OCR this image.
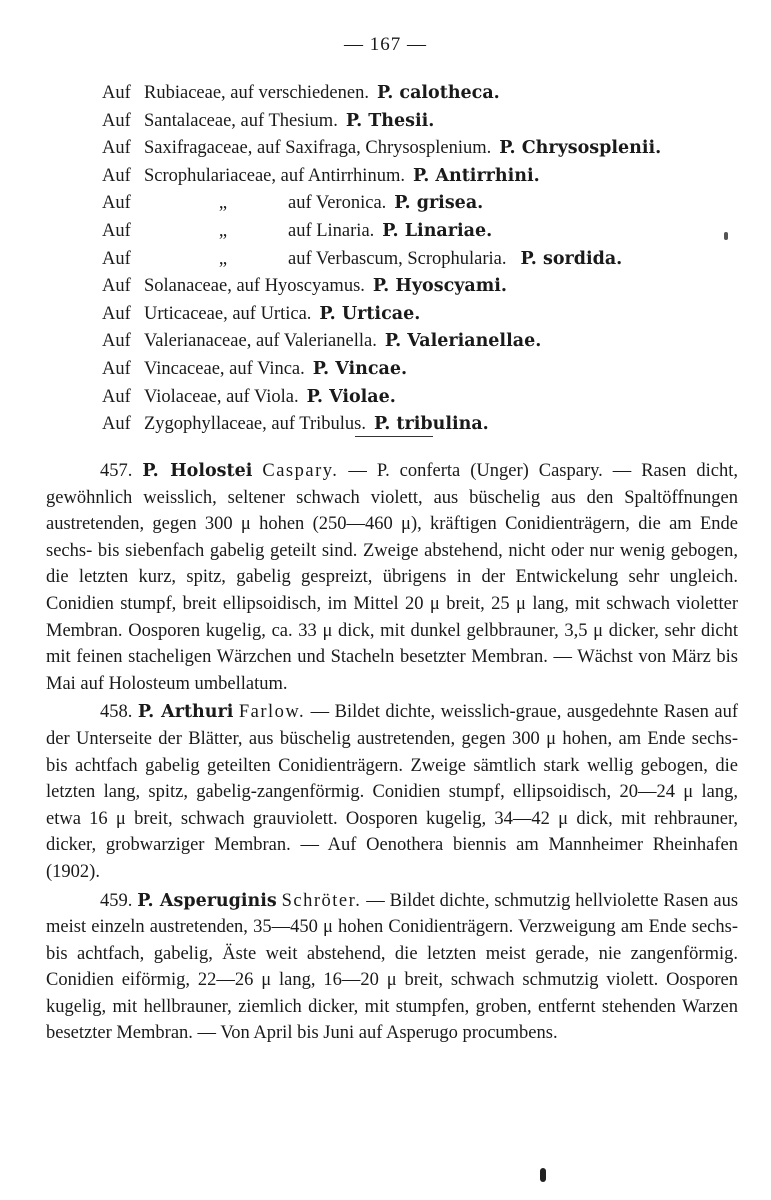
— 167 —
Auf Rubiaceae, auf verschiedenen. P. calotheca.
Auf Santalaceae, auf Thesium. P. Thesii.
Auf Saxifragaceae, auf Saxifraga, Chrysosplenium. P. Chrysosplenii.
Auf Scrophulariaceae, auf Antirrhinum. P. Antirrhini.
Auf	„	auf Veronica. P. grisea.
Auf	„	auf Linaria. P. Linariae.
Auf	„	auf Verbascum, Scrophularia. P. sordida.
Auf Solanaceae, auf Hyoscyamus. P. Hyoscyami.
Auf Urticaceae, auf Urtica. P. Urticae.
Auf Valerianaceae, auf Valerianella. P. Valerianellae.
Auf Vincaceae, auf Vinca. P. Vincae.
Auf Violaceae, auf Viola. P. Violae.
Auf Zygophyllaceae, auf Tribulus. P. tribulina.

457. P. Holostei Caspary. — P. conferta (Unger) Caspary. — Rasen dicht, gewöhnlich weisslich, seltener schwach violett, aus büschelig aus den Spaltöffnungen austretenden, gegen 300 μ hohen (250—460 μ), kräftigen Conidienträgern, die am Ende sechs- bis siebenfach gabelig geteilt sind. Zweige abstehend, nicht oder nur wenig gebogen, die letzten kurz, spitz, gabelig gespreizt, übrigens in der Entwickelung sehr ungleich. Conidien stumpf, breit ellipsoidisch, im Mittel 20 μ breit, 25 μ lang, mit schwach violetter Membran. Oosporen kugelig, ca. 33 μ dick, mit dunkel gelbbrauner, 3,5 μ dicker, sehr dicht mit feinen stacheligen Wärzchen und Stacheln besetzter Membran. — Wächst von März bis Mai auf Holosteum umbellatum.

458. P. Arthuri Farlow. — Bildet dichte, weisslich-graue, ausgedehnte Rasen auf der Unterseite der Blätter, aus büschelig austretenden, gegen 300 μ hohen, am Ende sechs- bis achtfach gabelig geteilten Conidienträgern. Zweige sämtlich stark wellig gebogen, die letzten lang, spitz, gabelig-zangenförmig. Conidien stumpf, ellipsoidisch, 20—24 μ lang, etwa 16 μ breit, schwach grauviolett. Oosporen kugelig, 34—42 μ dick, mit rehbrauner, dicker, grobwarziger Membran. — Auf Oenothera biennis am Mannheimer Rheinhafen (1902).

459. P. Asperuginis Schröter. — Bildet dichte, schmutzig hellviolette Rasen aus meist einzeln austretenden, 35—450 μ hohen Conidienträgern. Verzweigung am Ende sechs- bis achtfach, gabelig, Äste weit abstehend, die letzten meist gerade, nie zangenförmig. Conidien eiförmig, 22—26 μ lang, 16—20 μ breit, schwach schmutzig violett. Oosporen kugelig, mit hellbrauner, ziemlich dicker, mit stumpfen, groben, entfernt stehenden Warzen besetzter Membran. — Von April bis Juni auf Asperugo procumbens.
